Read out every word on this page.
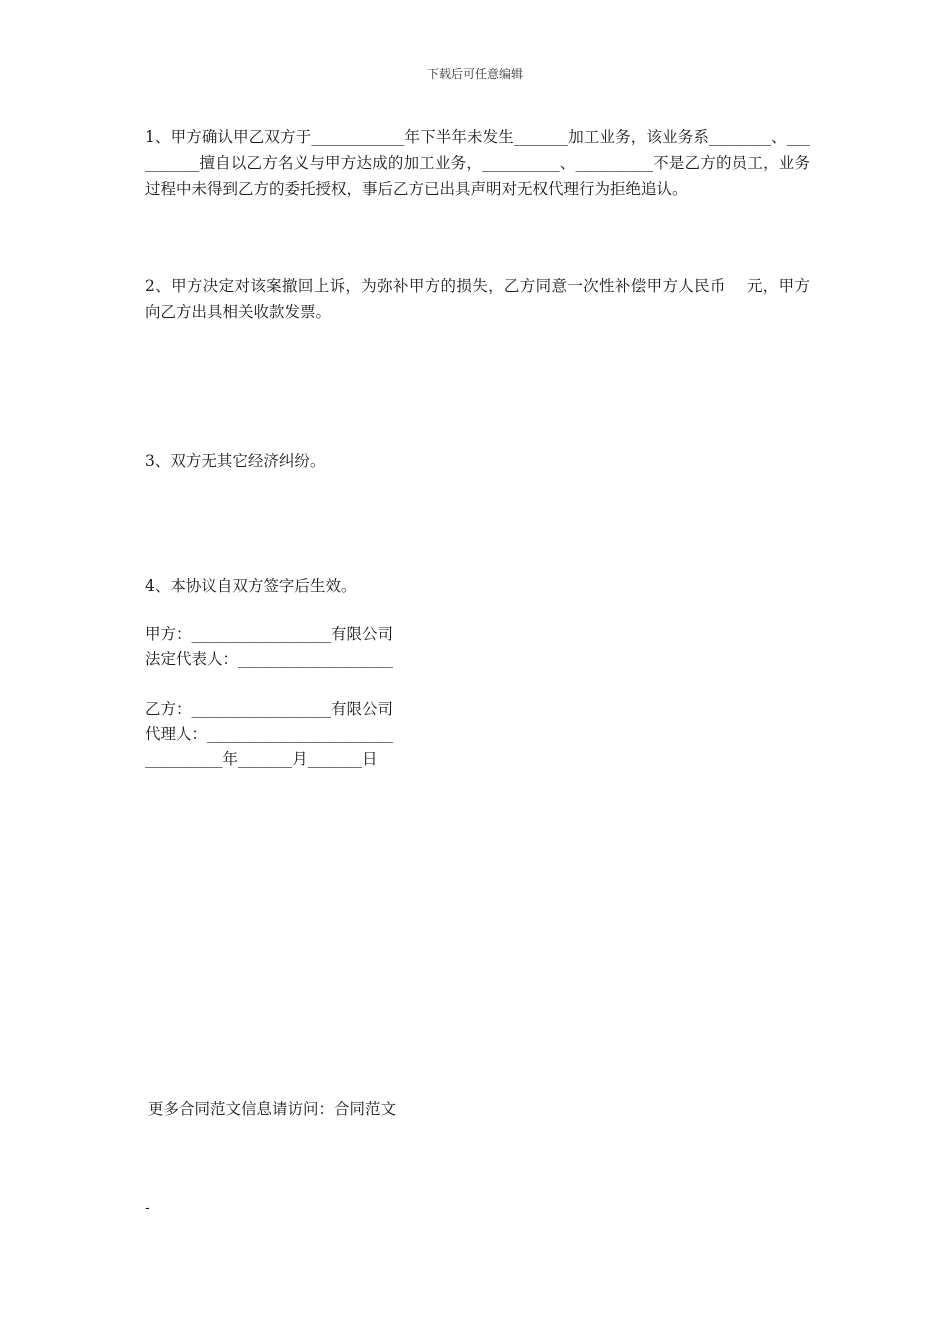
下载后可任意编辑

1、甲方确认甲乙双方于____________年下半年未发生_______加工业务，该业务系________、__________擅自以乙方名义与甲方达成的加工业务，__________、__________不是乙方的员工，业务过程中未得到乙方的委托授权，事后乙方已出具声明对无权代理行为拒绝追认。

2、甲方决定对该案撤回上诉，为弥补甲方的损失，乙方同意一次性补偿甲方人民币    元，甲方向乙方出具相关收款发票。

3、双方无其它经济纠纷。

4、本协议自双方签字后生效。

甲方：__________________有限公司
法定代表人：____________________
乙方：__________________有限公司
代理人：________________________
__________年_______月_______日
更多合同范文信息请访问：合同范文
-
